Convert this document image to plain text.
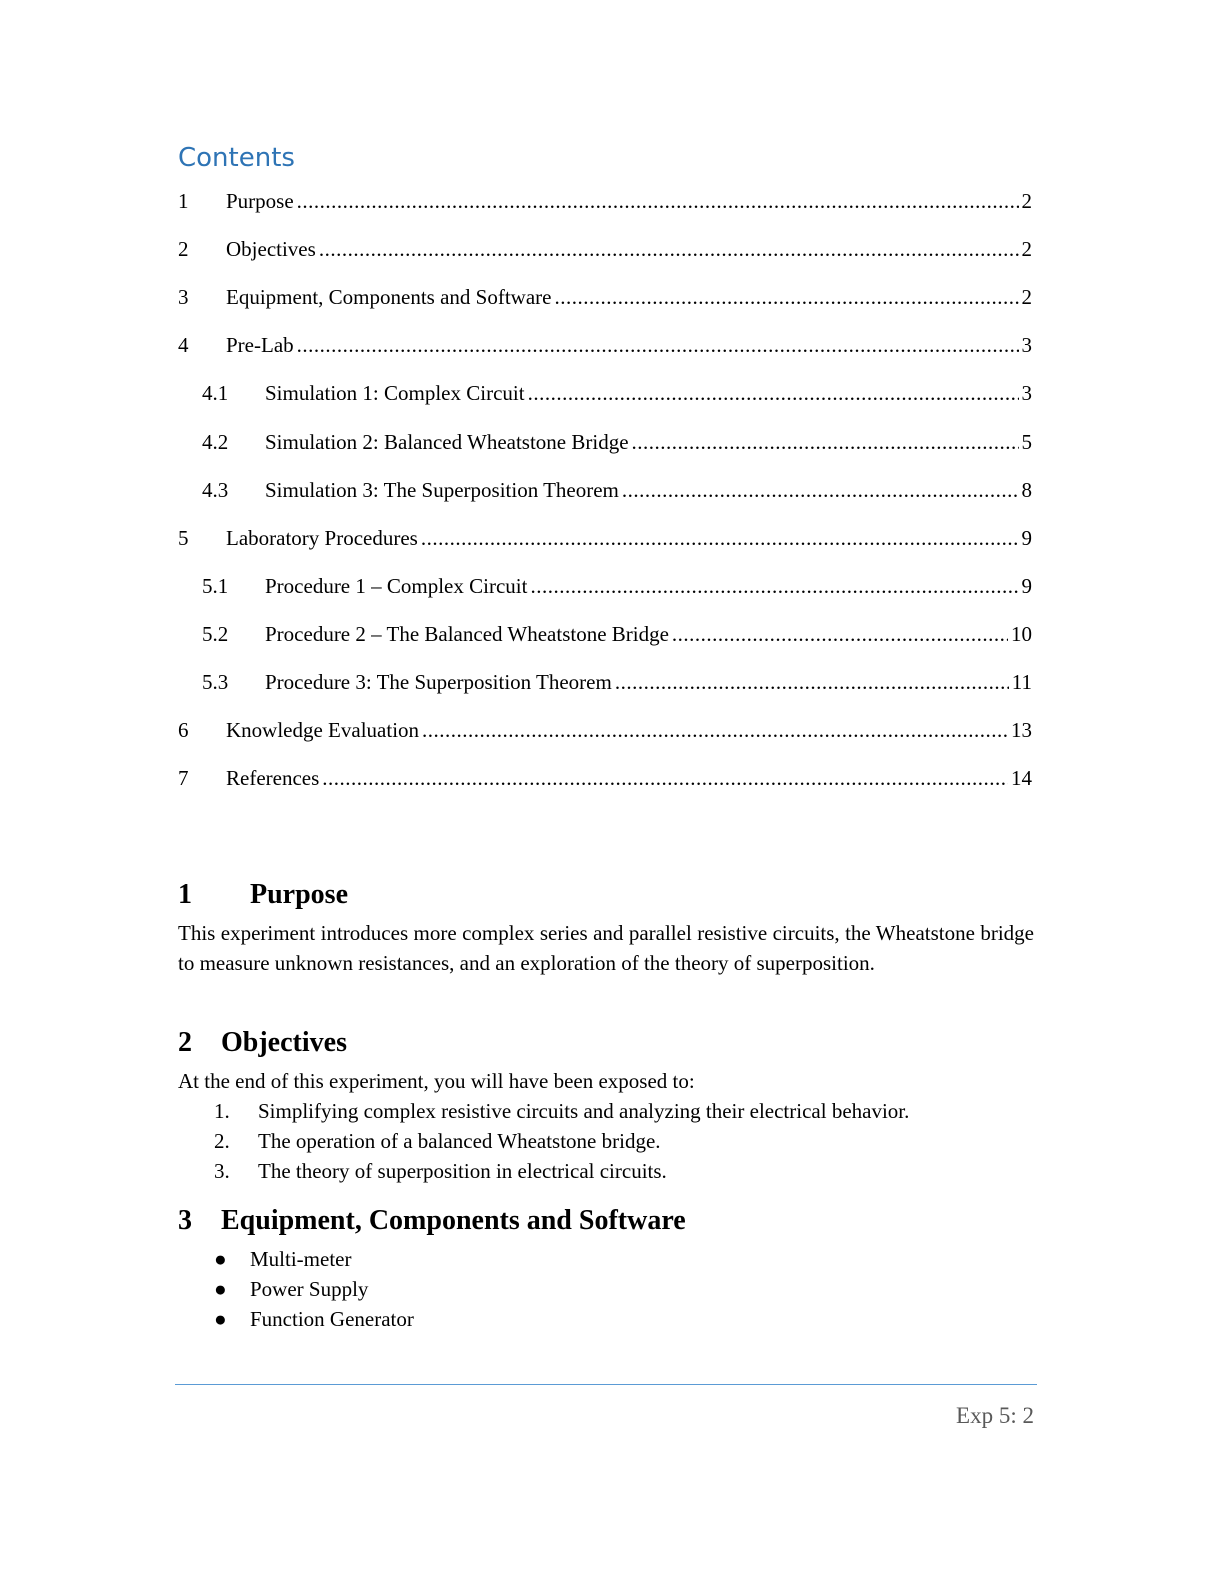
Contents
1	Purpose .....	2
2	Objectives .....	2
3	Equipment, Components and Software .....	2
4	Pre-Lab .....	3
4.1	Simulation 1: Complex Circuit .....	3
4.2	Simulation 2: Balanced Wheatstone Bridge .....	5
4.3	Simulation 3: The Superposition Theorem .....	8
5	Laboratory Procedures .....	9
5.1	Procedure 1 – Complex Circuit .....	9
5.2	Procedure 2 – The Balanced Wheatstone Bridge .....	10
5.3	Procedure 3: The Superposition Theorem .....	11
6	Knowledge Evaluation .....	13
7	References .....	14
1 Purpose
This experiment introduces more complex series and parallel resistive circuits, the Wheatstone bridge to measure unknown resistances, and an exploration of the theory of superposition.
2 Objectives
At the end of this experiment, you will have been exposed to:
1. Simplifying complex resistive circuits and analyzing their electrical behavior.
2. The operation of a balanced Wheatstone bridge.
3. The theory of superposition in electrical circuits.
3 Equipment, Components and Software
● Multi-meter
● Power Supply
● Function Generator
Exp 5: 2
